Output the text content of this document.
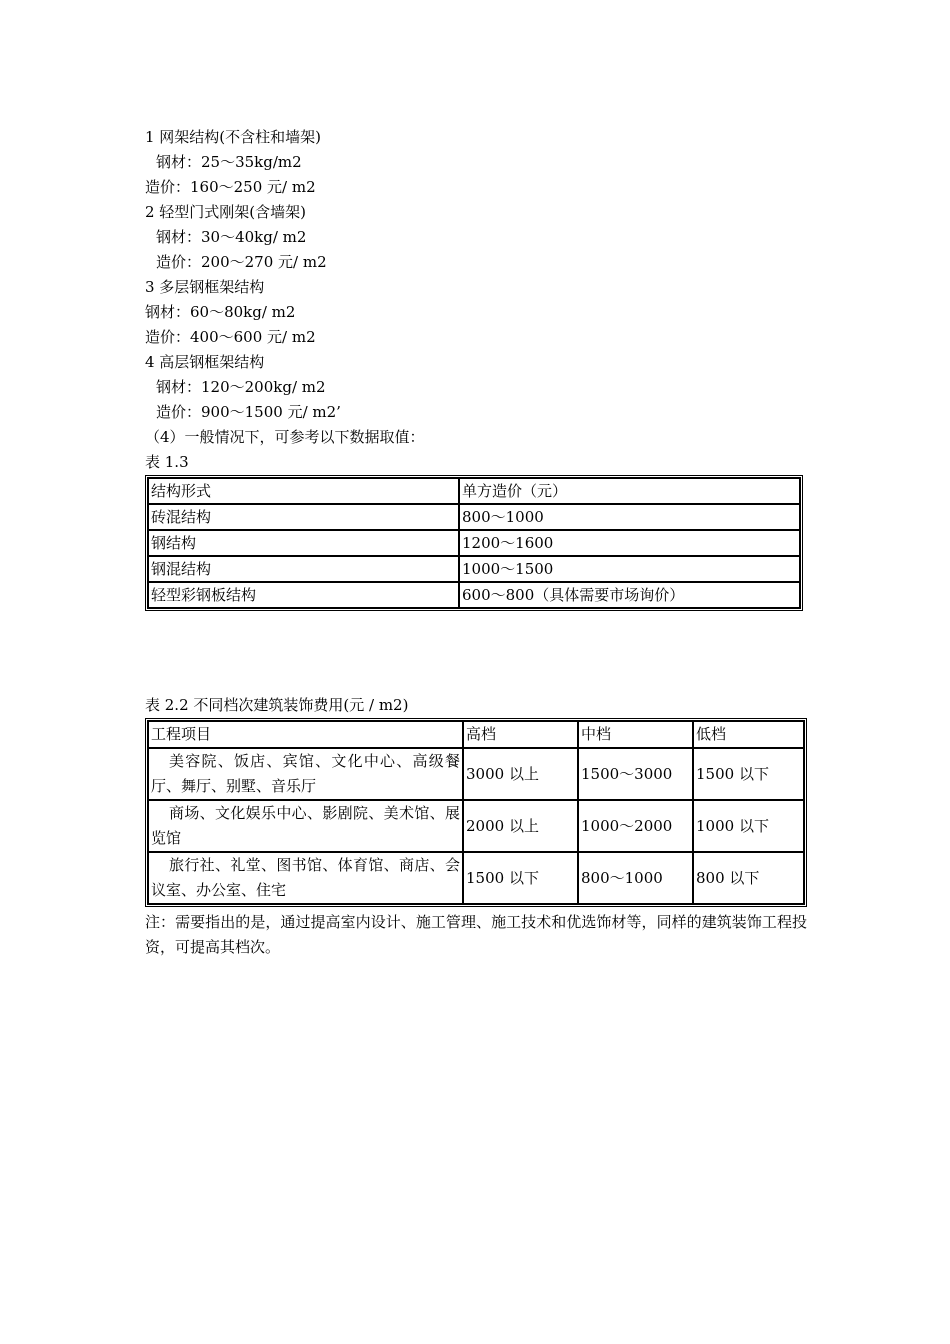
1 网架结构(不含柱和墙架)
钢材：25～35kg/m2
造价：160～250 元/ m2
2 轻型门式刚架(含墙架)
钢材：30～40kg/ m2
造价：200～270 元/ m2
3 多层钢框架结构
钢材：60～80kg/ m2
造价：400～600 元/ m2
4 高层钢框架结构
钢材：120～200kg/ m2
造价：900～1500 元/ m2’
（4）一般情况下，可参考以下数据取值：
表 1.3
结构形式	单方造价（元）
砖混结构	800～1000
钢结构	1200～1600
钢混结构	1000～1500
轻型彩钢板结构	600～800（具体需要市场询价）
表 2.2 不同档次建筑装饰费用(元 / m2)
工程项目	高档	中档	低档
美容院、饭店、宾馆、文化中心、高级餐厅、舞厅、别墅、音乐厅	3000 以上	1500～3000	1500 以下
商场、文化娱乐中心、影剧院、美术馆、展览馆	2000 以上	1000～2000	1000 以下
旅行社、礼堂、图书馆、体育馆、商店、会议室、办公室、住宅	1500 以下	800～1000	800 以下
注：需要指出的是，通过提高室内设计、施工管理、施工技术和优选饰材等，同样的建筑装饰工程投资，可提高其档次。
